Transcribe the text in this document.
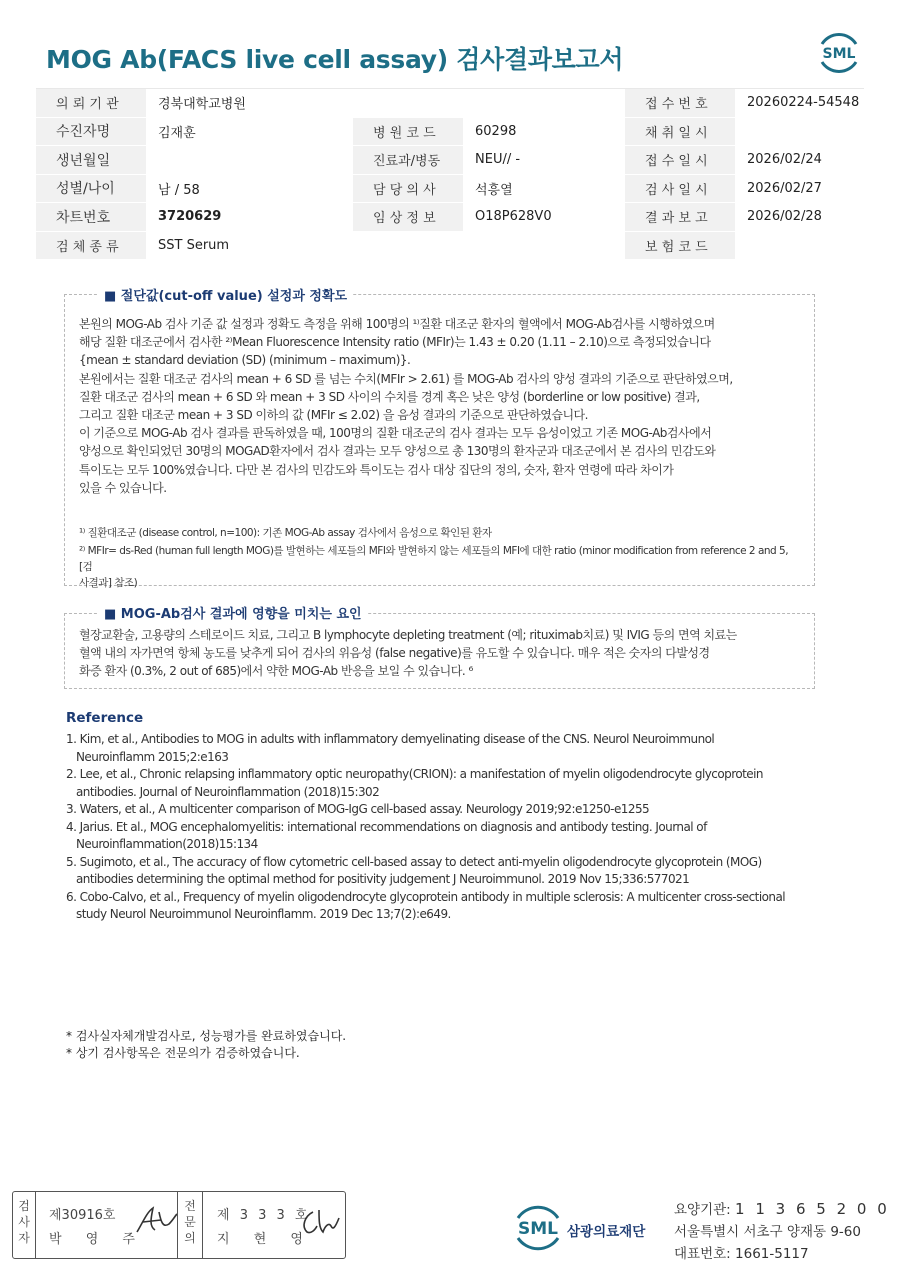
MOG Ab(FACS live cell assay) 검사결과보고서	SML
의 뢰 기 관	경북대학교병원			접 수 번 호	20260224-54548
수진자명	김재훈	병 원 코 드	60298	채 취 일 시	
생년월일		진료과/병동	NEU// -	접 수 일 시	2026/02/24
성별/나이	남 / 58	담 당 의 사	석흥열	검 사 일 시	2026/02/27
차트번호	3720629	임 상 정 보	O18P628V0	결 과 보 고	2026/02/28
검 체 종 류	SST Serum			보 험 코 드	
본원의 MOG-Ab 검사 기준 값 설정과 정확도 측정을 위해 100명의 ¹⁾질환 대조군 환자의 혈액에서 MOG-Ab검사를 시행하였으며
해당 질환 대조군에서 검사한 ²⁾Mean Fluorescence Intensity ratio (MFIr)는 1.43 ± 0.20 (1.11 – 2.10)으로 측정되었습니다
{mean ± standard deviation (SD) (minimum – maximum)}.
본원에서는 질환 대조군 검사의 mean + 6 SD 를 넘는 수치(MFIr > 2.61) 를 MOG-Ab 검사의 양성 결과의 기준으로 판단하였으며,
질환 대조군 검사의 mean + 6 SD 와 mean + 3 SD 사이의 수치를 경계 혹은 낮은 양성 (borderline or low positive) 결과,
그리고 질환 대조군 mean + 3 SD 이하의 값 (MFIr ≤ 2.02) 을 음성 결과의 기준으로 판단하였습니다.
이 기준으로 MOG-Ab 검사 결과를 판독하였을 때, 100명의 질환 대조군의 검사 결과는 모두 음성이었고 기존 MOG-Ab검사에서
양성으로 확인되었던 30명의 MOGAD환자에서 검사 결과는 모두 양성으로 총 130명의 환자군과 대조군에서 본 검사의 민감도와
특이도는 모두 100%였습니다. 다만 본 검사의 민감도와 특이도는 검사 대상 집단의 정의, 숫자, 환자 연령에 따라 차이가
있을 수 있습니다.
¹⁾ 질환대조군 (disease control, n=100): 기존 MOG-Ab assay 검사에서 음성으로 확인된 환자
²⁾ MFIr= ds-Red (human full length MOG)를 발현하는 세포들의 MFI와 발현하지 않는 세포들의 MFI에 대한 ratio (minor modification from reference 2 and 5, [검
사결과] 참조)
■ 절단값(cut-off value) 설정과 정확도
혈장교환술, 고용량의 스테로이드 치료, 그리고 B lymphocyte depleting treatment (예; rituximab치료) 및 IVIG 등의 면역 치료는
혈액 내의 자가면역 항체 농도를 낮추게 되어 검사의 위음성 (false negative)를 유도할 수 있습니다. 매우 적은 숫자의 다발성경
화증 환자 (0.3%, 2 out of 685)에서 약한 MOG-Ab 반응을 보일 수 있습니다. ⁶
■ MOG-Ab검사 결과에 영향을 미치는 요인
Reference
1. Kim, et al., Antibodies to MOG in adults with inflammatory demyelinating disease of the CNS. Neurol Neuroimmunol Neuroinflamm 2015;2:e163
2. Lee, et al., Chronic relapsing inflammatory optic neuropathy(CRION): a manifestation of myelin oligodendrocyte glycoprotein antibodies. Journal of Neuroinflammation (2018)15:302
3. Waters, et al., A multicenter comparison of MOG-IgG cell-based assay. Neurology 2019;92:e1250-e1255
4. Jarius. Et al., MOG encephalomyelitis: international recommendations on diagnosis and antibody testing. Journal of Neuroinflammation(2018)15:134
5. Sugimoto, et al., The accuracy of flow cytometric cell-based assay to detect anti-myelin oligodendrocyte glycoprotein (MOG) antibodies determining the optimal method for positivity judgement J Neuroimmunol. 2019 Nov 15;336:577021
6. Cobo-Calvo, et al., Frequency of myelin oligodendrocyte glycoprotein antibody in multiple sclerosis: A multicenter cross-sectional study Neurol Neuroimmunol Neuroinflamm. 2019 Dec 13;7(2):e649.
* 검사실자체개발검사로, 성능평가를 완료하였습니다.
* 상기 검사항목은 전문의가 검증하였습니다.
검
사
자
제30916호
박 영 주
전
문
의
제 3 3 3 호
지 현 영
SML 삼광의료재단
요양기관: 1 1 3 6 5 2 0 0
서울특별시 서초구 양재동 9-60
대표번호: 1661-5117
